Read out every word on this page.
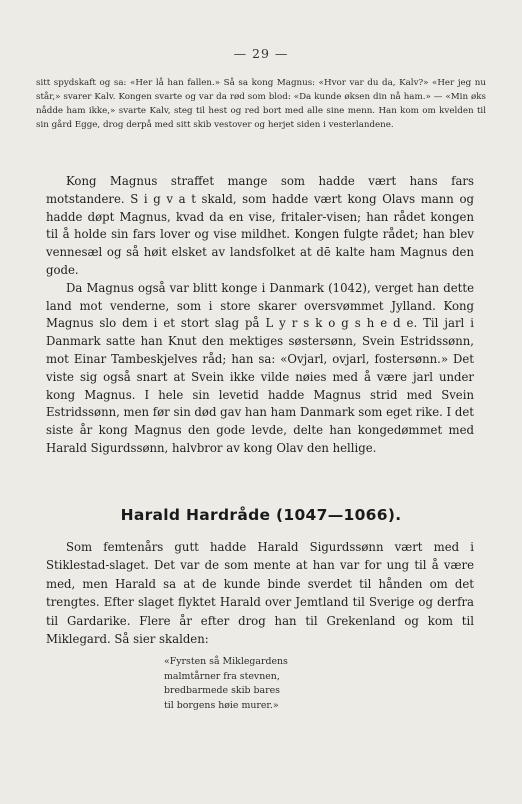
— 29 —

sitt spydskaft og sa: «Her lå han fallen.» Så sa kong Magnus: «Hvor var du da, Kalv?» «Her jeg nu står,» svarer Kalv. Kongen svarte og var da rød som blod: «Da kunde øksen din nå ham.» — «Min øks nådde ham ikke,» svarte Kalv, steg til hest og red bort med alle sine menn. Han kom om kvelden til sin gård Egge, drog derpå med sitt skib vestover og herjet siden i vesterlandene.

Kong Magnus straffet mange som hadde vært hans fars motstandere. S i g v a t skald, som hadde vært kong Olavs mann og hadde døpt Magnus, kvad da en vise, fritaler-visen; han rådet kongen til å holde sin fars lover og vise mildhet. Kongen fulgte rådet; han blev vennesæl og så høit elsket av landsfolket at dē kalte ham Magnus den gode.

Da Magnus også var blitt konge i Danmark (1042), verget han dette land mot venderne, som i store skarer oversvømmet Jylland. Kong Magnus slo dem i et stort slag på L y r s k o g s h e d e. Til jarl i Danmark satte han Knut den mektiges søstersønn, Svein Estridssønn, mot Einar Tambeskjelves råd; han sa: «Ovjarl, ovjarl, fostersønn.» Det viste sig også snart at Svein ikke vilde nøies med å være jarl under kong Magnus. I hele sin levetid hadde Magnus strid med Svein Estridssønn, men før sin død gav han ham Danmark som eget rike. I det siste år kong Magnus den gode levde, delte han kongedømmet med Harald Sigurdssønn, halvbror av kong Olav den hellige.

Harald Hardråde (1047—1066).

Som femtenårs gutt hadde Harald Sigurdssønn vært med i Stiklestad-slaget. Det var de som mente at han var for ung til å være med, men Harald sa at de kunde binde sverdet til hånden om det trengtes. Efter slaget flyktet Harald over Jemtland til Sverige og derfra til Gardarike. Flere år efter drog han til Grekenland og kom til Miklegard. Så sier skalden:

«Fyrsten så Miklegardens
malmtårner fra stevnen,
bredbarmede skib bares
til borgens høie murer.»
